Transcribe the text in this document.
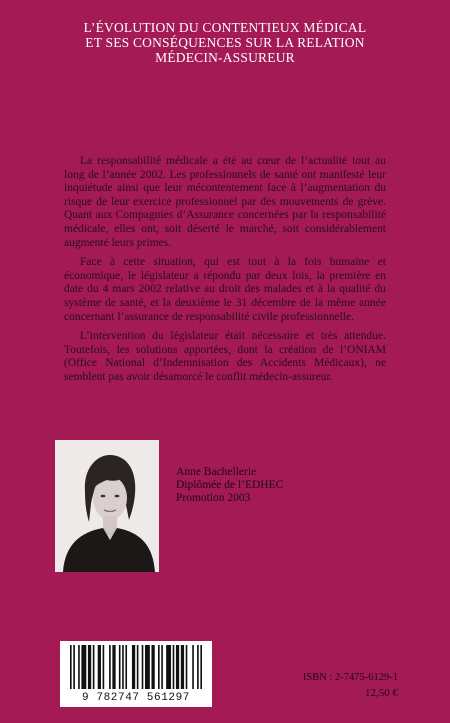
L’ÉVOLUTION DU CONTENTIEUX MÉDICAL
ET SES CONSÉQUENCES SUR LA RELATION
MÉDECIN-ASSUREUR

La responsabilité médicale a été au cœur de l’actualité tout au long de l’année 2002. Les professionnels de santé ont manifesté leur inquiétude ainsi que leur mécontentement face à l’augmentation du risque de leur exercice professionnel par des mouvements de grève. Quant aux Compagnies d’Assurance concernées par la responsabilité médicale, elles ont, soit déserté le marché, soit considérablement augmenté leurs primes.

Face à cette situation, qui est tout à la fois humaine et économique, le législateur a répondu par deux lois, la première en date du 4 mars 2002 relative au droit des malades et à la qualité du système de santé, et la deuxième le 31 décembre de la même année concernant l’assurance de responsabilité civile professionnelle.

L’intervention du législateur était nécessaire et très attendue. Toutefois, les solutions apportées, dont la création de l’ONIAM (Office National d’Indemnisation des Accidents Médicaux), ne semblent pas avoir désamorcé le conflit médecin-assureur.

Anne Bachellerie
Diplômée de l’EDHEC
Promotion 2003
9 782747 561297
ISBN : 2-7475-6129-1
12,50 €
